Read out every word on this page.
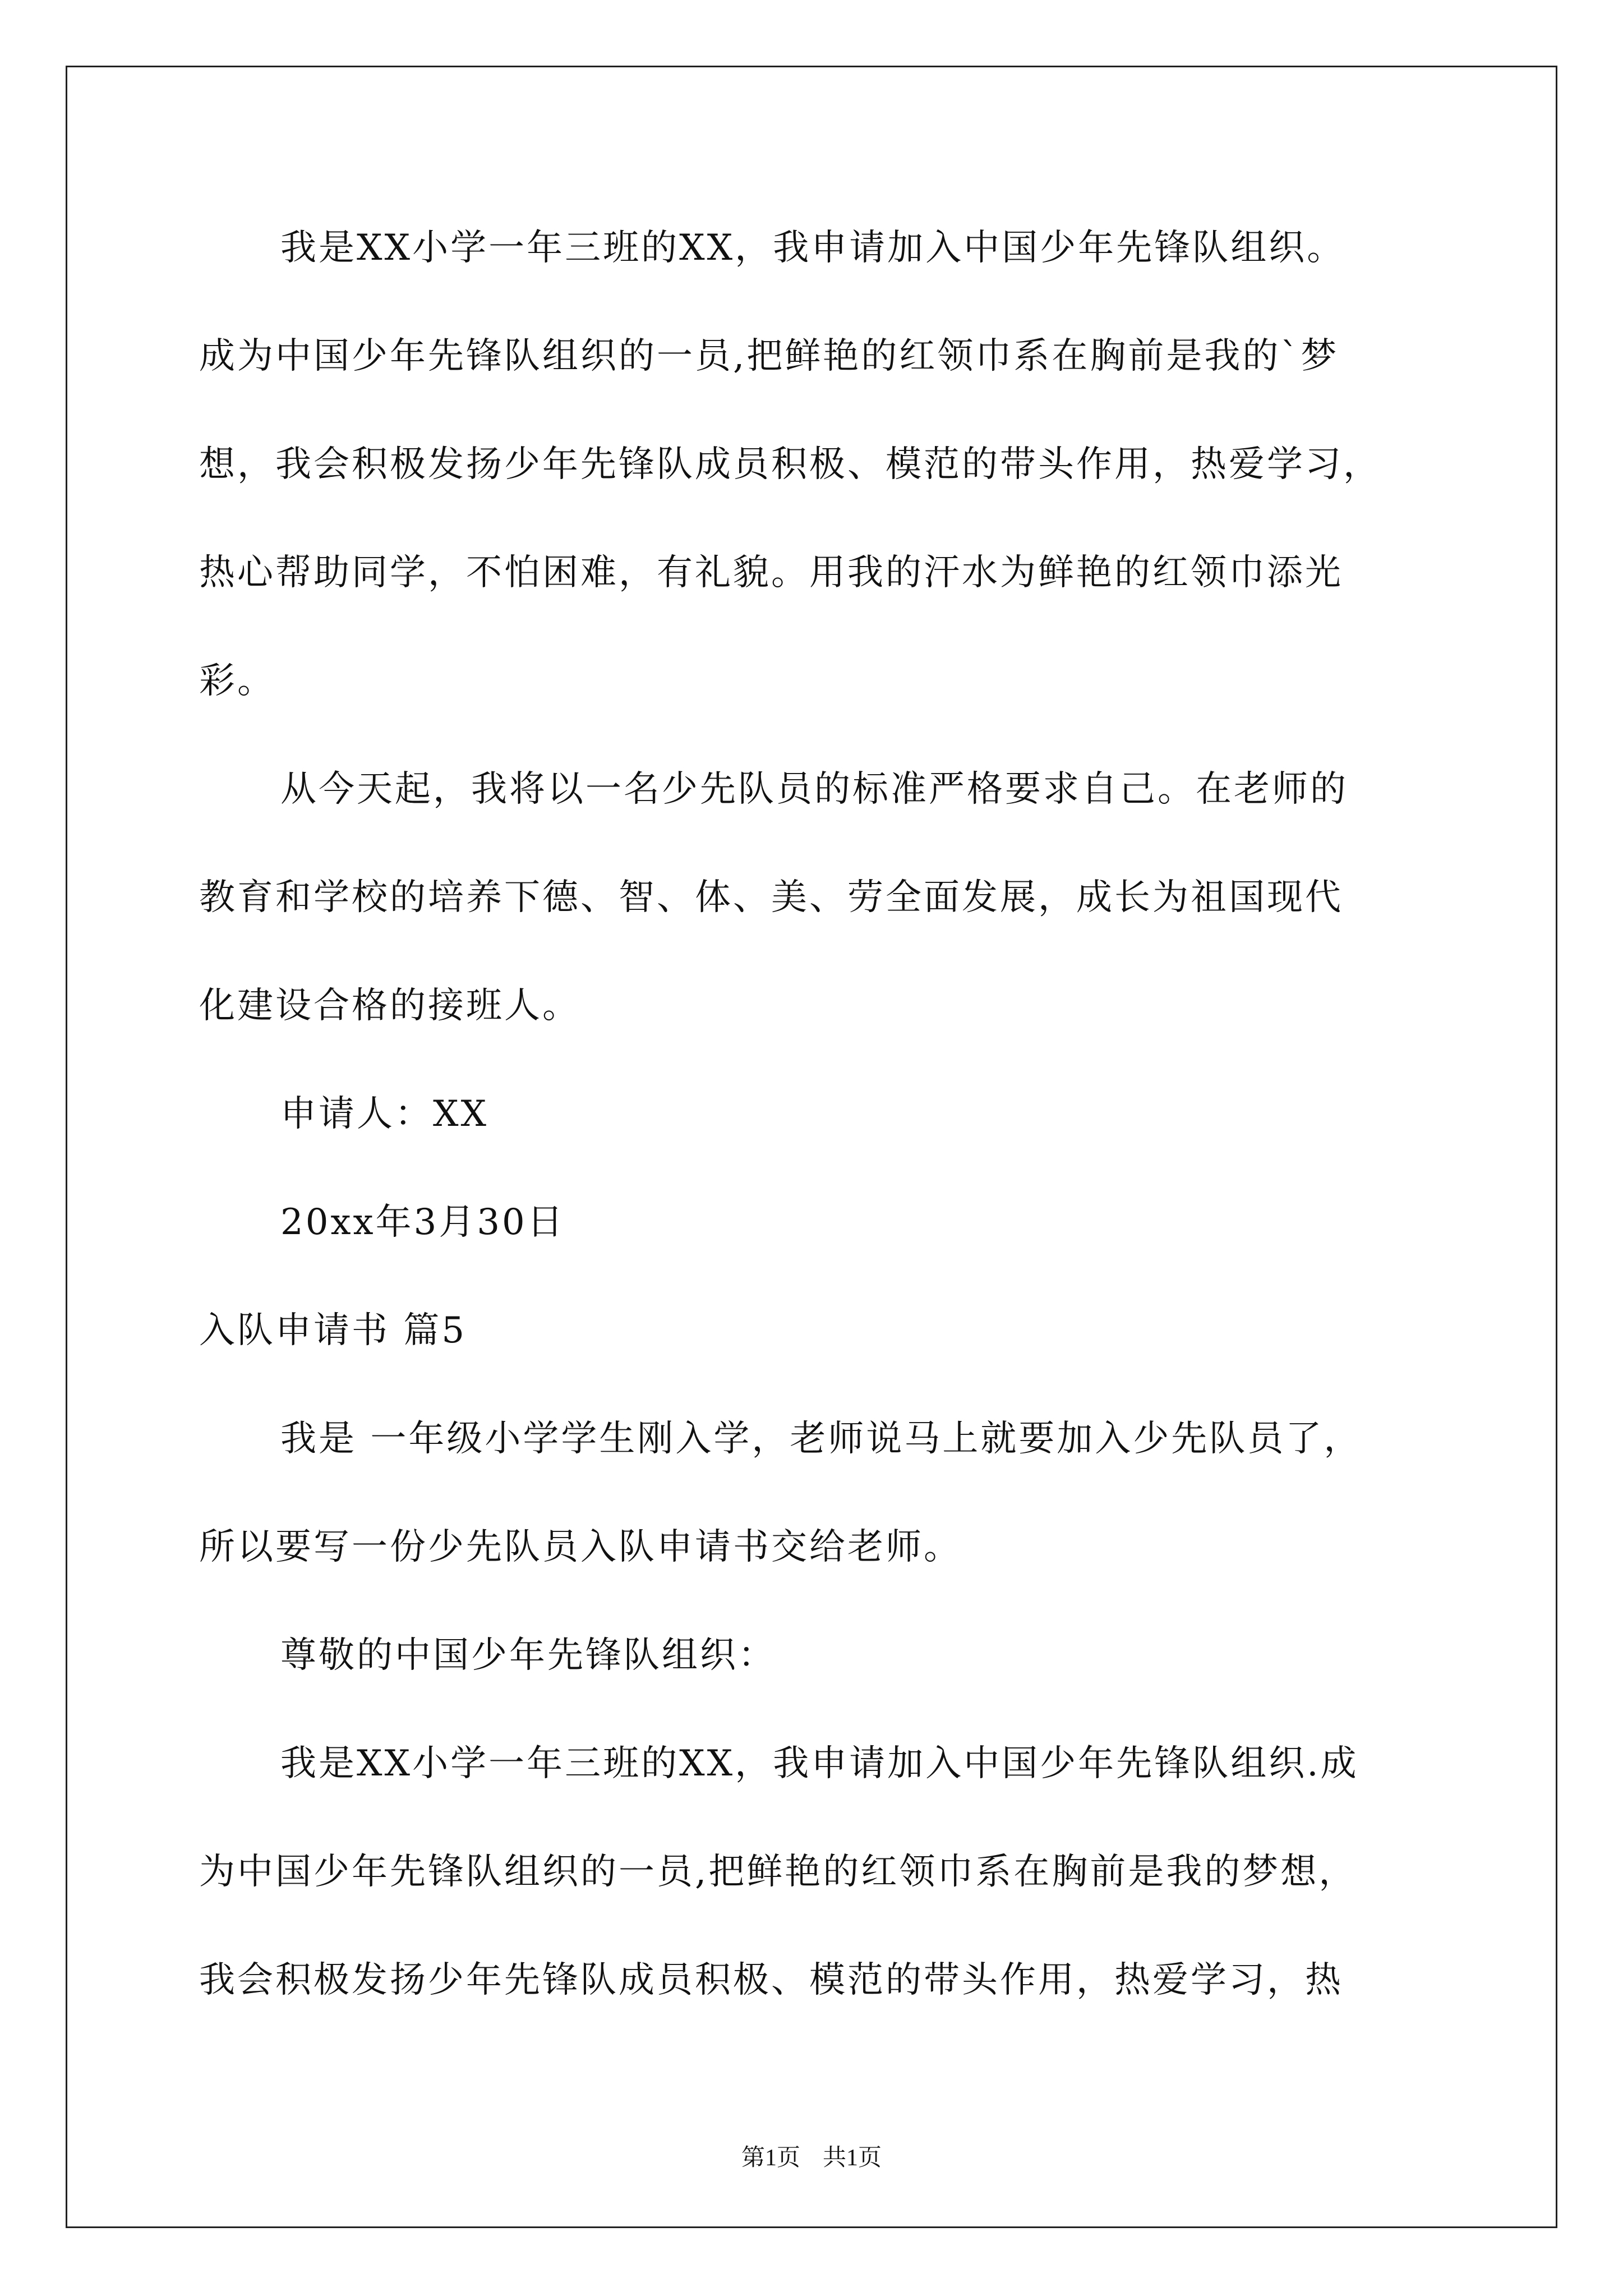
我是XX小学一年三班的XX，我申请加入中国少年先锋队组织。
成为中国少年先锋队组织的一员,把鲜艳的红领巾系在胸前是我的`梦
想，我会积极发扬少年先锋队成员积极、模范的带头作用，热爱学习，
热心帮助同学，不怕困难，有礼貌。用我的汗水为鲜艳的红领巾添光
彩。
从今天起，我将以一名少先队员的标准严格要求自己。在老师的
教育和学校的培养下德、智、体、美、劳全面发展，成长为祖国现代
化建设合格的接班人。
申请人：XX
20xx年3月30日
入队申请书 篇5
我是 一年级小学学生刚入学，老师说马上就要加入少先队员了，
所以要写一份少先队员入队申请书交给老师。
尊敬的中国少年先锋队组织：
我是XX小学一年三班的XX，我申请加入中国少年先锋队组织.成
为中国少年先锋队组织的一员,把鲜艳的红领巾系在胸前是我的梦想，
我会积极发扬少年先锋队成员积极、模范的带头作用，热爱学习，热
第1页 共1页
